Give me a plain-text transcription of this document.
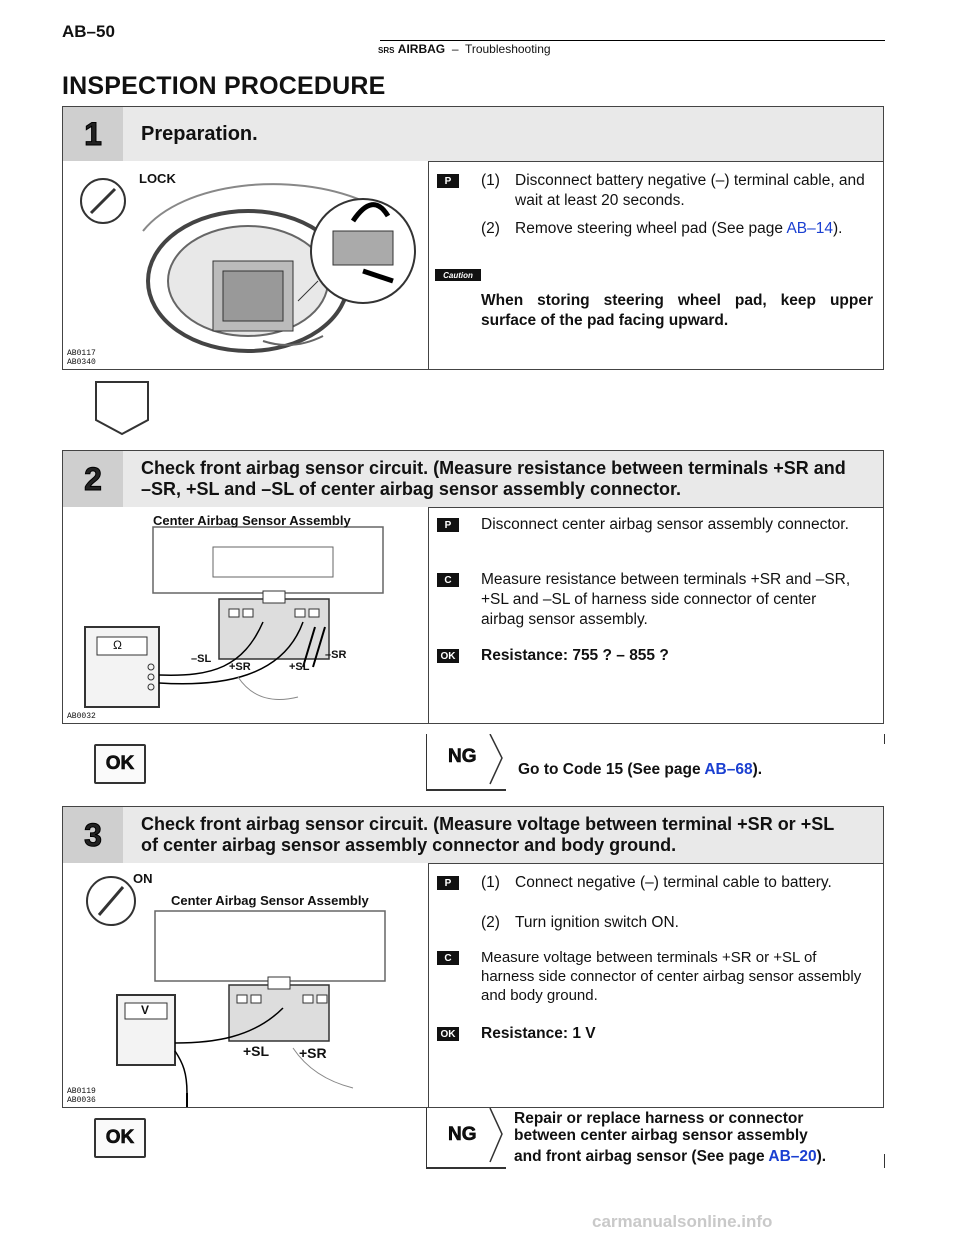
AB–50
SRS AIRBAG – Troubleshooting
INSPECTION PROCEDURE
1 Preparation.
LOCK
AB0117
AB0340
P	(1) Disconnect battery negative (–) terminal cable, and wait at least 20 seconds.
(2) Remove steering wheel pad (See page AB–14).
Caution
When storing steering wheel pad, keep upper surface of the pad facing upward.
2 Check front airbag sensor circuit. (Measure resistance between terminals +SR and
–SR, +SL and –SL of center airbag sensor assembly connector.
Center Airbag Sensor Assembly
Ω
–SL
+SR	+SL
–SR
AB0032
P	Disconnect center airbag sensor assembly connector.
C	Measure resistance between terminals +SR and –SR, +SL and –SL of harness side connector of center airbag sensor assembly.
OK Resistance: 755 ? – 855 ?
OK	NG
Go to Code 15 (See page AB–68).
3 Check front airbag sensor circuit. (Measure voltage between terminal +SR or +SL
of center airbag sensor assembly connector and body ground.
ON
Center Airbag Sensor Assembly
V
+SL +SR
AB0119
AB0036
P	(1) Connect negative (–) terminal cable to battery.
(2) Turn ignition switch ON.
C	Measure voltage between terminals +SR or +SL of harness side connector of center airbag sensor assembly and body ground.
OK Resistance: 1 V
OK	NG
Repair or replace harness or connector
between center airbag sensor assembly
and front airbag sensor (See page AB–20).
carmanualsonline.info
